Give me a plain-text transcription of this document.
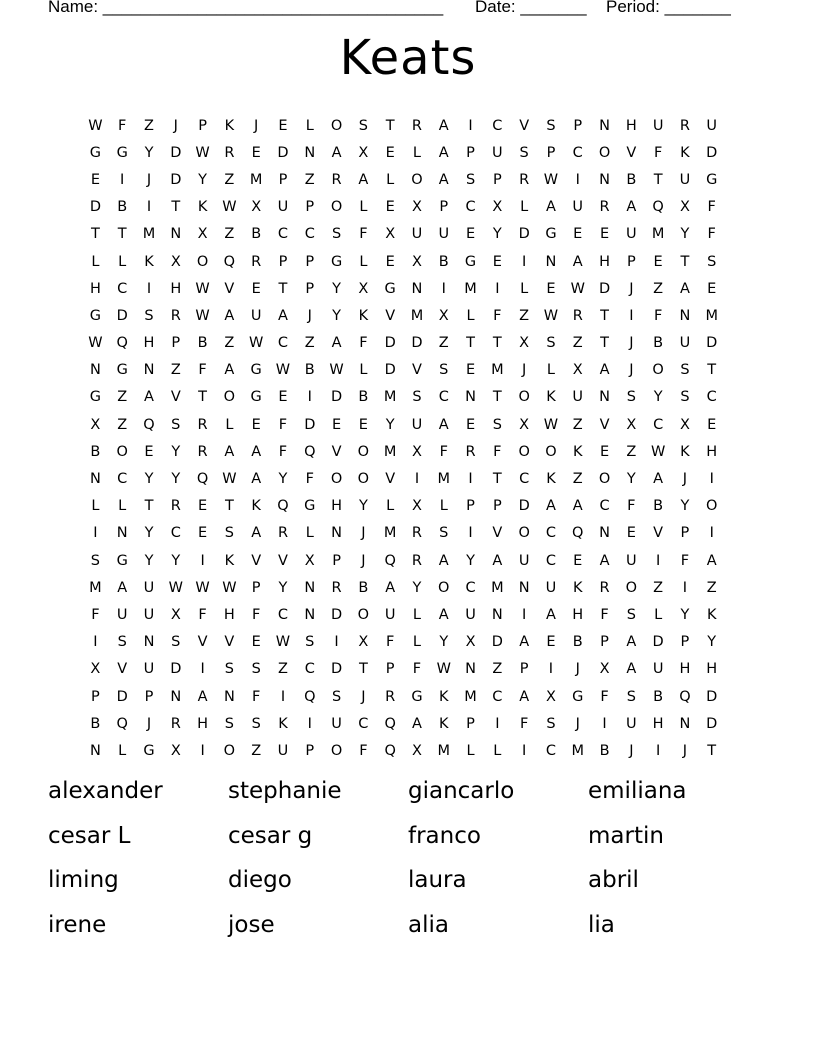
Name: ____________________________________ Date: _______ Period: _______
Keats
W	F	Z	J	P	K	J	E	L	O	S	T	R	A	I	C	V	S	P	N	H	U	R	U
G	G	Y	D W	R	E	D	N	A	X	E	L	A	P	U	S	P	C	O	V	F	K	D
E	I	J	D	Y	Z	M	P	Z	R	A	L	O	A	S	P	R	W	I	N	B	T	U	G
D	B	I	T	K	W	X	U	P	O	L	E	X	P	C	X	L	A	U	R	A	Q	X	F
T	T	M	N	X	Z	B	C	C	S	F	X	U	U	E	Y	D	G	E	E	U	M	Y	F
L	L	K	X	O	Q	R	P	P	G	L	E	X	B	G	E	I	N	A	H	P	E	T	S
H	C	I	H W	V	E	T	P	Y	X	G	N	I	M	I	L	E	W D	J	Z	A	E
G	D	S	R	W	A	U	A	J	Y	K	V	M	X	L	F	Z	W	R	T	I	F	N	M
W Q	H	P	B	Z	W	C	Z	A	F	D	D	Z	T	T	X	S	Z	T	J	B	U	D
N	G	N	Z	F	A	G W	B	W	L	D	V	S	E	M	J	L	X	A	J	O	S	T
G	Z	A	V	T	O	G	E	I	D	B	M	S	C	N	T	O	K	U	N	S	Y	S	C
X	Z	Q	S	R	L	E	F	D	E	E	Y	U	A	E	S	X	W	Z	V	X	C	X	E
B	O	E	Y	R	A	A	F	Q	V	O	M	X	F	R	F	O	O	K	E	Z	W	K	H
N	C	Y	Y	Q W	A	Y	F	O	O	V	I	M	I	T	C	K	Z	O	Y	A	J	I
L	L	T	R	E	T	K	Q	G	H	Y	L	X	L	P	P	D	A	A	C	F	B	Y	O
I	N	Y	C	E	S	A	R	L	N	J	M	R	S	I	V	O	C	Q	N	E	V	P	I
S	G	Y	Y	I	K	V	V	X	P	J	Q	R	A	Y	A	U	C	E	A	U	I	F	A
M	A	U W W W	P	Y	N	R	B	A	Y	O	C	M	N	U	K	R	O	Z	I	Z
F	U	U	X	F	H	F	C	N	D	O	U	L	A	U	N	I	A	H	F	S	L	Y	K
I	S	N	S	V	V	E	W	S	I	X	F	L	Y	X	D	A	E	B	P	A	D	P	Y
X	V	U	D	I	S	S	Z	C	D	T	P	F	W N	Z	P	I	J	X	A	U	H	H
P	D	P	N	A	N	F	I	Q	S	J	R	G	K	M	C	A	X	G	F	S	B	Q	D
B	Q	J	R	H	S	S	K	I	U	C	Q	A	K	P	I	F	S	J	I	U	H	N	D
N	L	G	X	I	O	Z	U	P	O	F	Q	X	M	L	L	I	C	M	B	J	I	J	T
alexander	stephanie	giancarlo	emiliana
cesar L	cesar g	franco	martin
liming	diego	laura	abril
irene	jose	alia	lia
